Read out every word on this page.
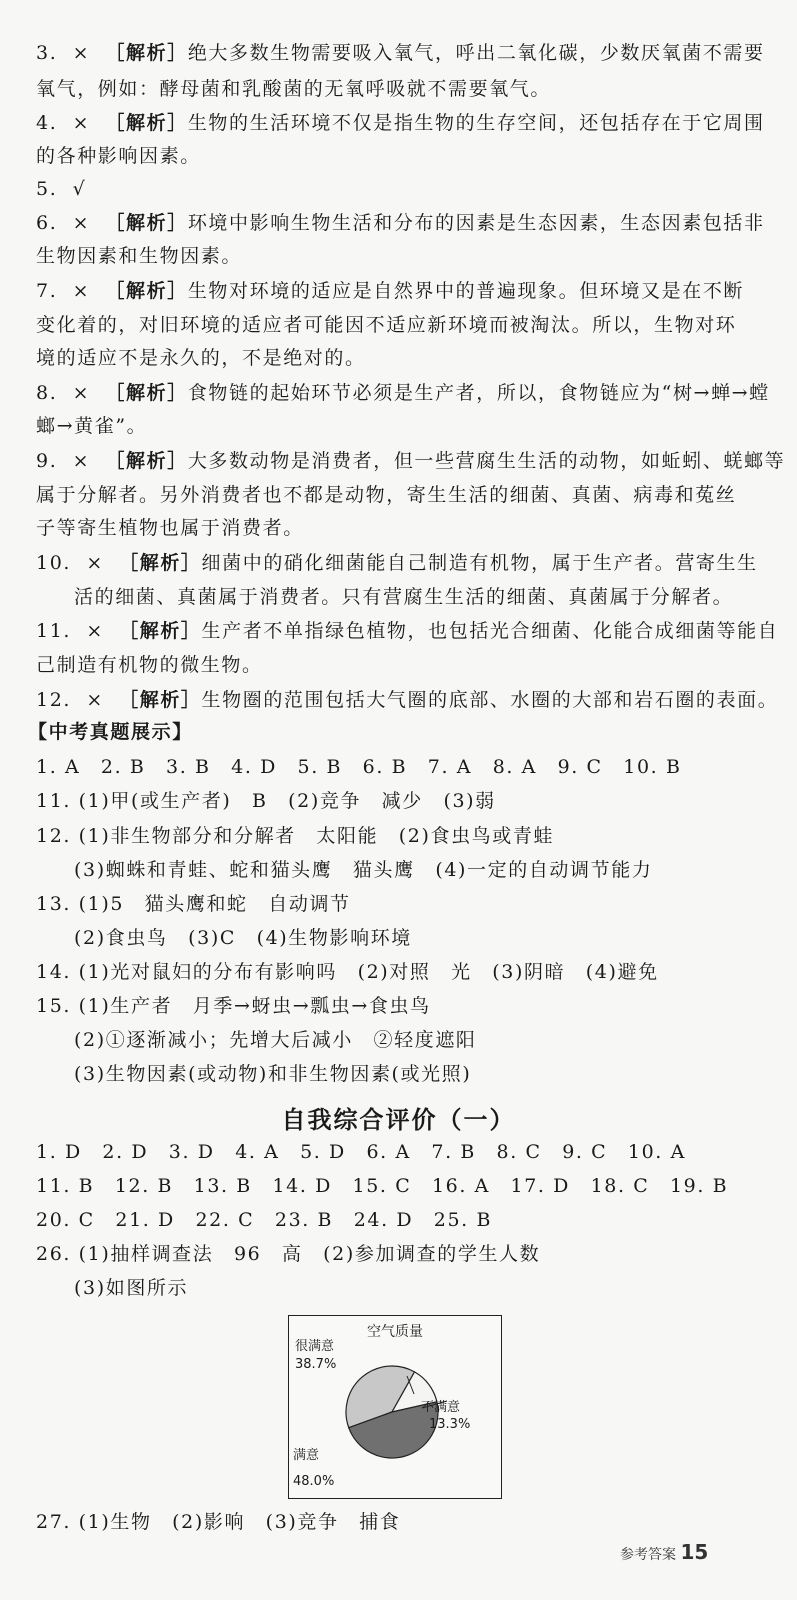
3. × ［解析］绝大多数生物需要吸入氧气，呼出二氧化碳，少数厌氧菌不需要
氧气，例如：酵母菌和乳酸菌的无氧呼吸就不需要氧气。
4. × ［解析］生物的生活环境不仅是指生物的生存空间，还包括存在于它周围
的各种影响因素。
5. √
6. × ［解析］环境中影响生物生活和分布的因素是生态因素，生态因素包括非
生物因素和生物因素。
7. × ［解析］生物对环境的适应是自然界中的普遍现象。但环境又是在不断
变化着的，对旧环境的适应者可能因不适应新环境而被淘汰。所以，生物对环
境的适应不是永久的，不是绝对的。
8. × ［解析］食物链的起始环节必须是生产者，所以，食物链应为“树→蝉→螳
螂→黄雀”。
9. × ［解析］大多数动物是消费者，但一些营腐生生活的动物，如蚯蚓、蜣螂等
属于分解者。另外消费者也不都是动物，寄生生活的细菌、真菌、病毒和菟丝
子等寄生植物也属于消费者。
10. × ［解析］细菌中的硝化细菌能自己制造有机物，属于生产者。营寄生生
活的细菌、真菌属于消费者。只有营腐生生活的细菌、真菌属于分解者。
11. × ［解析］生产者不单指绿色植物，也包括光合细菌、化能合成细菌等能自
己制造有机物的微生物。
12. × ［解析］生物圈的范围包括大气圈的底部、水圈的大部和岩石圈的表面。
【中考真题展示】
1. A　2. B　3. B　4. D　5. B　6. B　7. A　8. A　9. C　10. B
11. (1)甲(或生产者)　B　(2)竞争　减少　(3)弱
12. (1)非生物部分和分解者　太阳能　(2)食虫鸟或青蛙
(3)蜘蛛和青蛙、蛇和猫头鹰　猫头鹰　(4)一定的自动调节能力
13. (1)5　猫头鹰和蛇　自动调节
(2)食虫鸟　(3)C　(4)生物影响环境
14. (1)光对鼠妇的分布有影响吗　(2)对照　光　(3)阴暗　(4)避免
15. (1)生产者　月季→蚜虫→瓢虫→食虫鸟
(2)①逐渐减小；先增大后减小　②轻度遮阳
(3)生物因素(或动物)和非生物因素(或光照)
自我综合评价（一）
1. D　2. D　3. D　4. A　5. D　6. A　7. B　8. C　9. C　10. A
11. B　12. B　13. B　14. D　15. C　16. A　17. D　18. C　19. B
20. C　21. D　22. C　23. B　24. D　25. B
26. (1)抽样调查法　96　高　(2)参加调查的学生人数
(3)如图所示
空气质量
很满意
38.7%
满意
48.0%
不满意
13.3%
27. (1)生物　(2)影响　(3)竞争　捕食
参考答案 15
